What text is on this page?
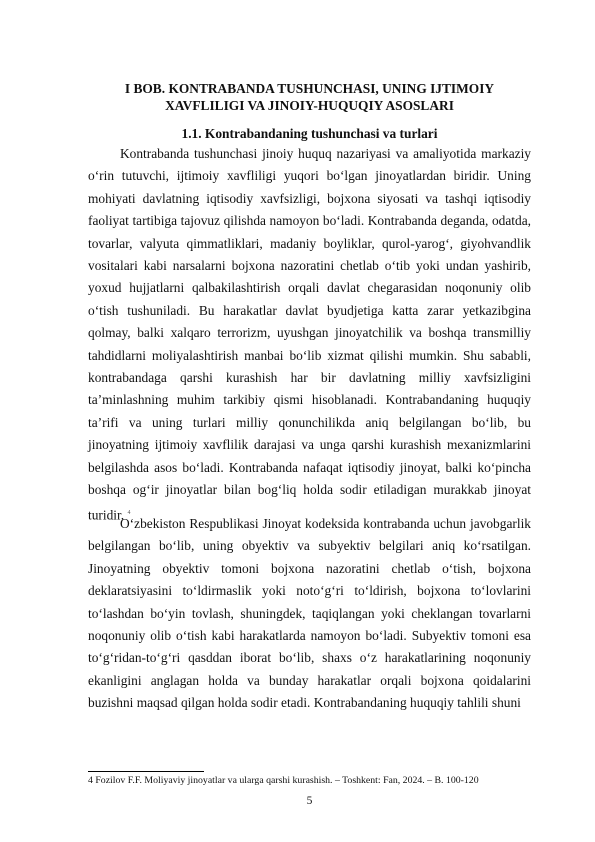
I BOB. KONTRABANDA TUSHUNCHASI, UNING IJTIMOIY
XAVFLILIGI VA JINOIY-HUQUQIY ASOSLARI
1.1. Kontrabandaning tushunchasi va turlari

Kontrabanda tushunchasi jinoiy huquq nazariyasi va amaliyotida markaziy oʻrin tutuvchi, ijtimoiy xavfliligi yuqori boʻlgan jinoyatlardan biridir. Uning mohiyati davlatning iqtisodiy xavfsizligi, bojxona siyosati va tashqi iqtisodiy faoliyat tartibiga tajovuz qilishda namoyon boʻladi. Kontrabanda deganda, odatda, tovarlar, valyuta qimmatliklari, madaniy boyliklar, qurol-yarogʻ, giyohvandlik vositalari kabi narsalarni bojxona nazoratini chetlab oʻtib yoki undan yashirib, yoxud hujjatlarni qalbakilashtirish orqali davlat chegarasidan noqonuniy olib oʻtish tushuniladi. Bu harakatlar davlat byudjetiga katta zarar yetkazibgina qolmay, balki xalqaro terrorizm, uyushgan jinoyatchilik va boshqa transmilliy tahdidlarni moliyalashtirish manbai boʻlib xizmat qilishi mumkin. Shu sababli, kontrabandaga qarshi kurashish har bir davlatning milliy xavfsizligini taʼminlashning muhim tarkibiy qismi hisoblanadi. Kontrabandaning huquqiy taʼrifi va uning turlari milliy qonunchilikda aniq belgilangan boʻlib, bu jinoyatning ijtimoiy xavflilik darajasi va unga qarshi kurashish mexanizmlarini belgilashda asos boʻladi. Kontrabanda nafaqat iqtisodiy jinoyat, balki koʻpincha boshqa ogʻir jinoyatlar bilan bogʻliq holda sodir etiladigan murakkab jinoyat turidir. $^4$

Oʻzbekiston Respublikasi Jinoyat kodeksida kontrabanda uchun javobgarlik belgilangan boʻlib, uning obyektiv va subyektiv belgilari aniq koʻrsatilgan. Jinoyatning obyektiv tomoni bojxona nazoratini chetlab oʻtish, bojxona deklaratsiyasini toʻldirmaslik yoki notoʻgʻri toʻldirish, bojxona toʻlovlarini toʻlashdan boʻyin tovlash, shuningdek, taqiqlangan yoki cheklangan tovarlarni noqonuniy olib oʻtish kabi harakatlarda namoyon boʻladi. Subyektiv tomoni esa toʻgʻridan-toʻgʻri qasddan iborat boʻlib, shaxs oʻz harakatlarining noqonuniy ekanligini anglagan holda va bunday harakatlar orqali bojxona qoidalarini buzishni maqsad qilgan holda sodir etadi. Kontrabandaning huquqiy tahlili shuni

4 Fozilov F.F. Moliyaviy jinoyatlar va ularga qarshi kurashish. – Toshkent: Fan, 2024. – B. 100-120
5
